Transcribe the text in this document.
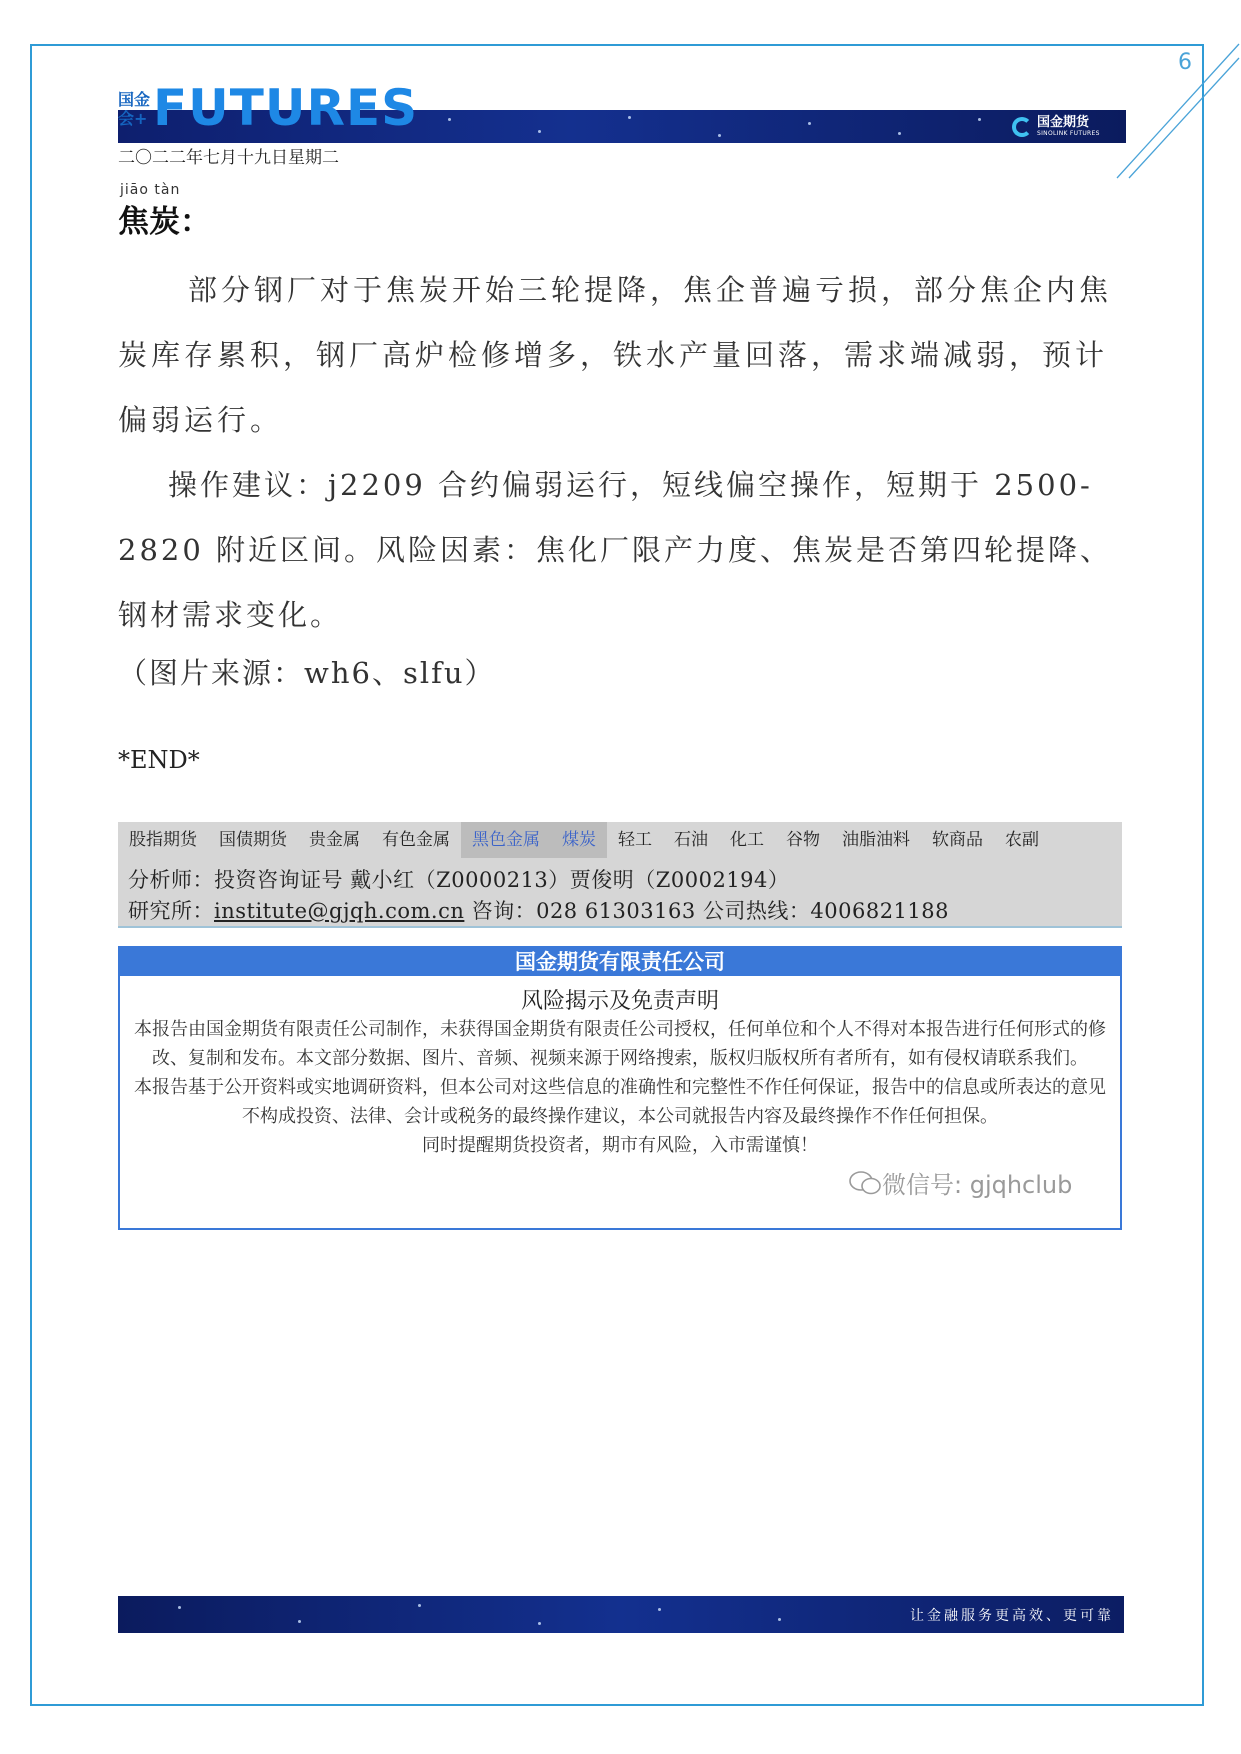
6
国金会+ FUTURES	国金期货
SINOLINK FUTURES
二〇二二年七月十九日星期二
jiāo tàn
焦炭：
部分钢厂对于焦炭开始三轮提降，焦企普遍亏损，部分焦企内焦炭库存累积，钢厂高炉检修增多，铁水产量回落，需求端减弱，预计偏弱运行。
操作建议：j2209 合约偏弱运行，短线偏空操作，短期于 2500-2820 附近区间。风险因素：焦化厂限产力度、焦炭是否第四轮提降、钢材需求变化。
（图片来源：wh6、slfu）
*END*
股指期货	国债期货	贵金属	有色金属	黑色金属	煤炭	轻工	石油	化工	谷物	油脂油料	软商品	农副
分析师：投资咨询证号 戴小红（Z0000213）贾俊明（Z0002194）
研究所：institute@gjqh.com.cn 咨询：028 61303163 公司热线：4006821188
国金期货有限责任公司
风险揭示及免责声明
本报告由国金期货有限责任公司制作，未获得国金期货有限责任公司授权，任何单位和个人不得对本报告进行任何形式的修改、复制和发布。本文部分数据、图片、音频、视频来源于网络搜索，版权归版权所有者所有，如有侵权请联系我们。
本报告基于公开资料或实地调研资料，但本公司对这些信息的准确性和完整性不作任何保证，报告中的信息或所表达的意见不构成投资、法律、会计或税务的最终操作建议，本公司就报告内容及最终操作不作任何担保。
同时提醒期货投资者，期市有风险，入市需谨慎！
微信号: gjqhclub
让金融服务更高效、更可靠
